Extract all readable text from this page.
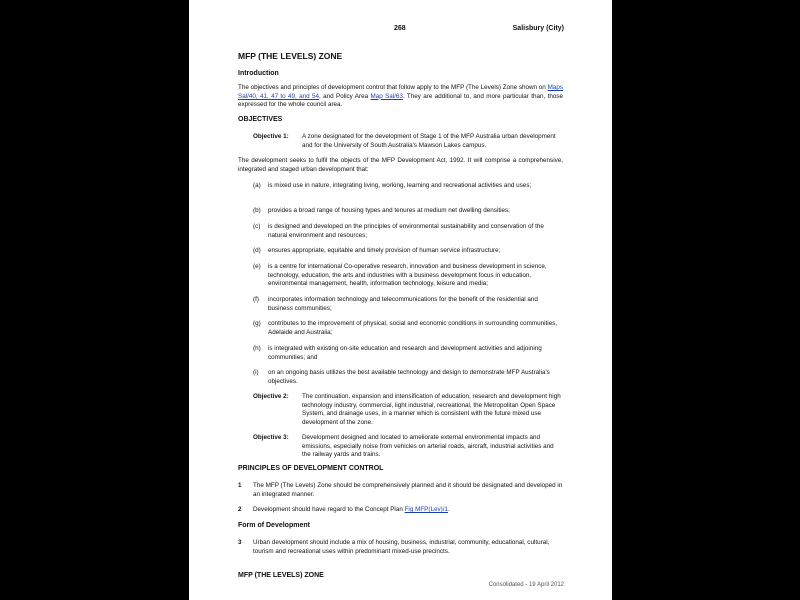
268	Salisbury (City)
MFP (THE LEVELS) ZONE
Introduction
The objectives and principles of development control that follow apply to the MFP (The Levels) Zone shown on Maps Sal/40, 41, 47 to 49, and 54, and Policy Area Map Sal/63. They are additional to, and more particular than, those expressed for the whole council area.
OBJECTIVES
Objective 1: A zone designated for the development of Stage 1 of the MFP Australia urban development and for the University of South Australia's Mawson Lakes campus.
The development seeks to fulfil the objects of the MFP Development Act, 1992. It will comprise a comprehensive, integrated and staged urban development that:
(a) is mixed use in nature, integrating living, working, learning and recreational activities and uses;
(b) provides a broad range of housing types and tenures at medium net dwelling densities;
(c) is designed and developed on the principles of environmental sustainability and conservation of the natural environment and resources;
(d) ensures appropriate, equitable and timely provision of human service infrastructure;
(e) is a centre for international Co-operative research, innovation and business development in science, technology, education, the arts and industries with a business development focus in education, environmental management, health, information technology, leisure and media;
(f) incorporates information technology and telecommunications for the benefit of the residential and business communities;
(g) contributes to the improvement of physical, social and economic conditions in surrounding communities, Adelaide and Australia;
(h) is integrated with existing on-site education and research and development activities and adjoining communities; and
(i) on an ongoing basis utilizes the best available technology and design to demonstrate MFP Australia's objectives.
Objective 2: The continuation, expansion and intensification of education, research and development high technology industry, commercial, light industrial, recreational, the Metropolitan Open Space System, and drainage uses, in a manner which is consistent with the future mixed use development of the zone.
Objective 3: Development designed and located to ameliorate external environmental impacts and emissions, especially noise from vehicles on arterial roads, aircraft, industrial activities and the railway yards and trains.
PRINCIPLES OF DEVELOPMENT CONTROL
1 The MFP (The Levels) Zone should be comprehensively planned and it should be designated and developed in an integrated manner.
2 Development should have regard to the Concept Plan Fig MFP(Lev)/1.
Form of Development
3 Urban development should include a mix of housing, business, industrial, community, educational, cultural, tourism and recreational uses within predominant mixed-use precincts.
MFP (THE LEVELS) ZONE
Consolidated - 19 April 2012
